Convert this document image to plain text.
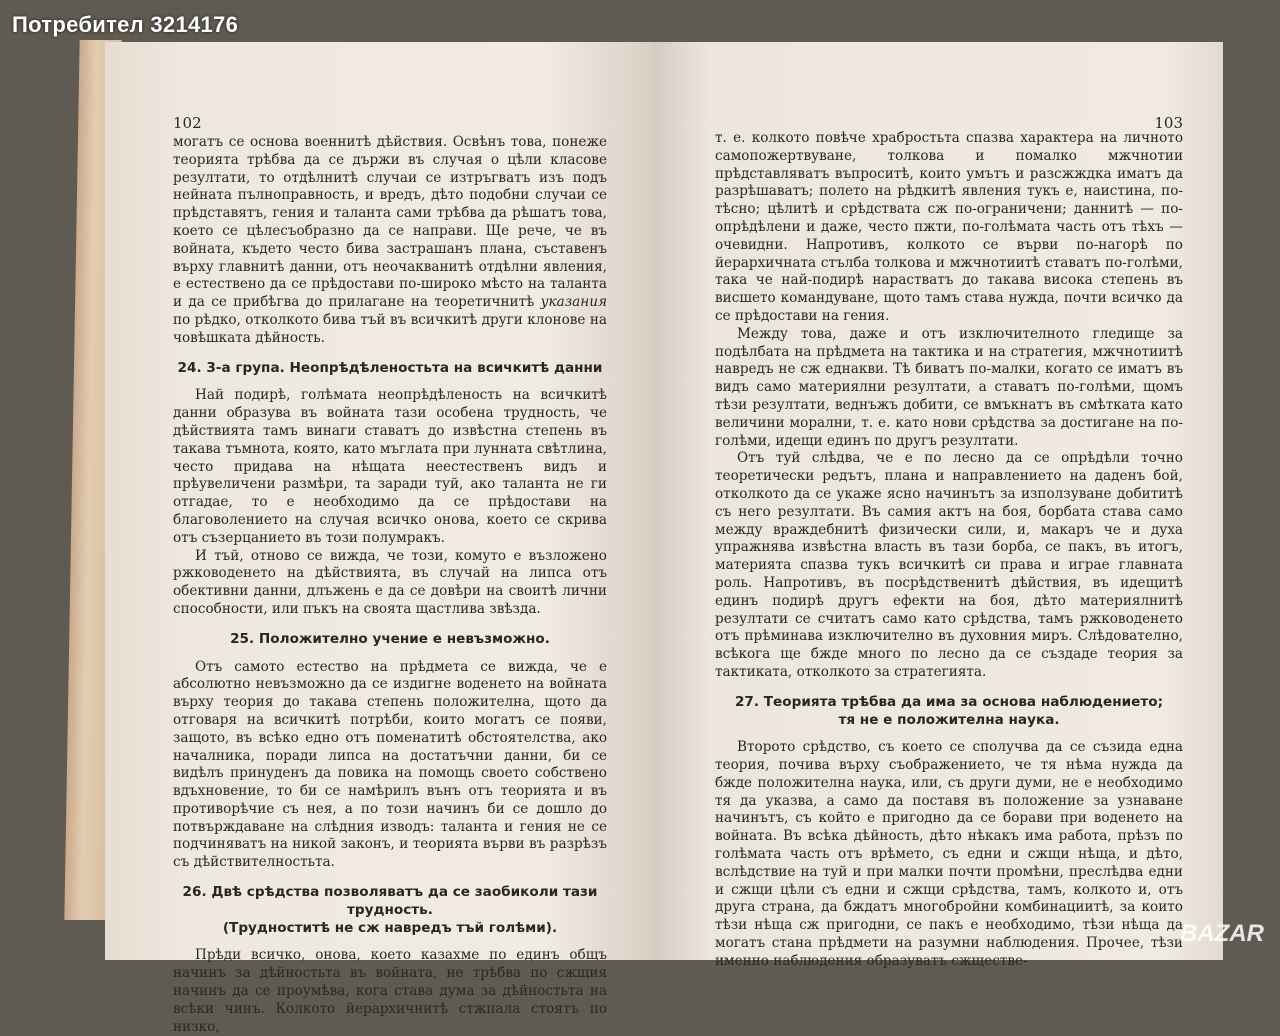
Потребител 3214176
BAZAR
102

могатъ се основа военнитѣ дѣйствия. Освѣнъ това, понеже теорията трѣбва да се държи въ случая о цѣли класове резултати, то отдѣлнитѣ случаи се изтръгватъ изъ подъ нейната пълноправность, и вредъ, дѣто подобни случаи се прѣдставятъ, гения и таланта сами трѣбва да рѣшатъ това, което се цѣлесъобразно да се направи. Ще рече, че въ войната, където често бива застрашанъ плана, съставенъ върху главнитѣ данни, отъ неочакванитѣ отдѣлни явления, е естествено да се прѣдостави по-широко мѣсто на таланта и да се прибѣгва до прилагане на теоретичнитѣ указания по рѣдко, отколкото бива тъй въ всичкитѣ други клонове на човѣшката дѣйность.

24. 3-а група. Неопрѣдѣленостьта на всичкитѣ данни

Най подирѣ, голѣмата неопрѣдѣленость на всичкитѣ данни образува въ войната тази особена трудность, че дѣйствията тамъ винаги ставатъ до извѣстна степень въ такава тъмнота, която, като мъглата при лунната свѣтлина, често придава на нѣщата неестественъ видъ и прѣувеличени размѣри, та заради туй, ако таланта не ги отгадае, то е необходимо да се прѣдостави на благоволението на случая всичко онова, което се скрива отъ съзерцанието въ този полумракъ.

И тъй, отново се вижда, че този, комуто е възложено ржководенето на дѣйствията, въ случай на липса отъ обективни данни, длъжень е да се довѣри на своитѣ лични способности, или пъкъ на своята щастлива звѣзда.

25. Положително учение е невъзможно.

Отъ самото естество на прѣдмета се вижда, че е абсолютно невъзможно да се издигне воденето на войната върху теория до такава степень положителна, щото да отговаря на всичкитѣ потрѣби, които могатъ се появи, защото, въ всѣко едно отъ поменатитѣ обстоятелства, ако началника, поради липса на достатъчни данни, би се видѣлъ принуденъ да повика на помощь своето собствено вдъхновение, то би се намѣрилъ вънъ отъ теорията и въ противорѣчие съ нея, а по този начинъ би се дошло до потвърждаване на слѣдния изводъ: таланта и гения не се подчиняватъ на никой законъ, и теорията върви въ разрѣзъ съ дѣйствителностьта.

26. Двѣ срѣдства позволяватъ да се заобиколи тази трудность.
(Трудноститѣ не сж навредъ тъй голѣми).

Прѣди всичко, онова, което казахме по единъ общъ начинъ за дѣйностьта въ войната, не трѣбва по сжщия начинъ да се проумѣва, кога става дума за дѣйностьта на всѣки чинъ. Колкото йерархичнитѣ стжпала стоятъ по низко,

103

т. е. колкото повѣче храбростьта спазва характера на личното самопожертвуване, толкова и помалко мжчнотии прѣдставляватъ въпроситѣ, които умътъ и разсжждка иматъ да разрѣшаватъ; полето на рѣдкитѣ явления тукъ е, наистина, по-тѣсно; цѣлитѣ и срѣдствата сж по-ограничени; даннитѣ — по-опрѣдѣлени и даже, често пжти, по-голѣмата часть отъ тѣхъ — очевидни. Напротивъ, колкото се върви по-нагорѣ по йерархичната стълба толкова и мжчнотиитѣ ставатъ по-голѣми, така че най-подирѣ нарастватъ до такава висока степень въ висшето командуване, щото тамъ става нужда, почти всичко да се прѣдостави на гения.

Между това, даже и отъ изключителното гледище за подѣлбата на прѣдмета на тактика и на стратегия, мжчнотиитѣ навредъ не сж еднакви. Тѣ биватъ по-малки, когато се иматъ въ видъ само материялни резултати, а ставатъ по-голѣми, щомъ тѣзи резултати, веднъжъ добити, се вмъкнатъ въ смѣтката като величини морални, т. е. като нови срѣдства за достигане на по-голѣми, идещи единъ по другъ резултати.

Отъ туй слѣдва, че е по лесно да се опрѣдѣли точно теоретически редътъ, плана и направлението на даденъ бой, отколкото да се укаже ясно начинътъ за използуване добититѣ съ него резултати. Въ самия актъ на боя, борбата става само между враждебнитѣ физически сили, и, макаръ че и духа упражнява извѣстна власть въ тази борба, се пакъ, въ итогъ, материята спазва тукъ всичкитѣ си права и играе главната роль. Напротивъ, въ посрѣдственитѣ дѣйствия, въ идещитѣ единъ подирѣ другъ ефекти на боя, дѣто материялнитѣ резултати се считатъ само като срѣдства, тамъ ржководенето отъ прѣминава изключително въ духовния миръ. Слѣдователно, всѣкога ще бжде много по лесно да се създаде теория за тактиката, отколкото за стратегията.

27. Теорията трѣбва да има за основа наблюдението;
тя не е положителна наука.

Второто срѣдство, съ което се сполучва да се съзида една теория, почива върху съображението, че тя нѣма нужда да бжде положителна наука, или, съ други думи, не е необходимо тя да указва, а само да поставя въ положение за узнаване начинътъ, съ който е пригодно да се борави при воденето на войната. Въ всѣка дѣйность, дѣто нѣкакъ има работа, прѣзъ по голѣмата часть отъ врѣмето, съ едни и сжщи нѣща, и дѣто, вслѣдствие на туй и при малки почти промѣни, преслѣдва едни и сжщи цѣли съ едни и сжщи срѣдства, тамъ, колкото и, отъ друга страна, да бждатъ многобройни комбинациитѣ, за които тѣзи нѣща сж пригодни, се пакъ е необходимо, тѣзи нѣща да могатъ стана прѣдмети на разумни наблюдения. Прочее, тѣзи именно наблюдения образуватъ сжществе-
